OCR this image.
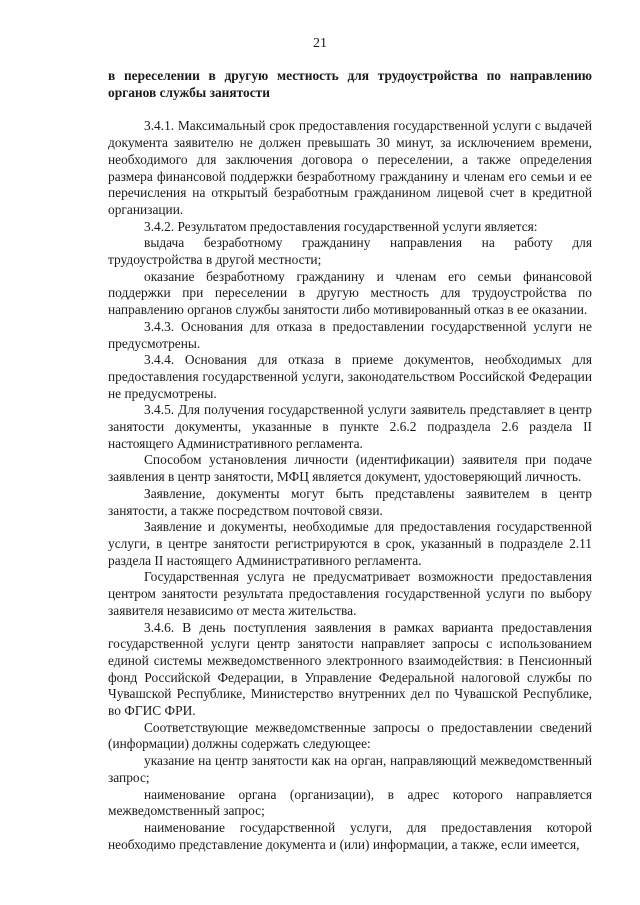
21

в переселении в другую местность для трудоустройства по направлению органов службы занятости

3.4.1. Максимальный срок предоставления государственной услуги с выдачей документа заявителю не должен превышать 30 минут, за исключением времени, необходимого для заключения договора о переселении, а также определения размера финансовой поддержки безработному гражданину и членам его семьи и ее перечисления на открытый безработным гражданином лицевой счет в кредитной организации.

3.4.2. Результатом предоставления государственной услуги является:

выдача безработному гражданину направления на работу для трудоустройства в другой местности;

оказание безработному гражданину и членам его семьи финансовой поддержки при переселении в другую местность для трудоустройства по направлению органов службы занятости либо мотивированный отказ в ее оказании.

3.4.3. Основания для отказа в предоставлении государственной услуги не предусмотрены.

3.4.4. Основания для отказа в приеме документов, необходимых для предоставления государственной услуги, законодательством Российской Федерации не предусмотрены.

3.4.5. Для получения государственной услуги заявитель представляет в центр занятости документы, указанные в пункте 2.6.2 подраздела 2.6 раздела II настоящего Административного регламента.

Способом установления личности (идентификации) заявителя при подаче заявления в центр занятости, МФЦ является документ, удостоверяющий личность.

Заявление, документы могут быть представлены заявителем в центр занятости, а также посредством почтовой связи.

Заявление и документы, необходимые для предоставления государственной услуги, в центре занятости регистрируются в срок, указанный в подразделе 2.11 раздела II настоящего Административного регламента.

Государственная услуга не предусматривает возможности предоставления центром занятости результата предоставления государственной услуги по выбору заявителя независимо от места жительства.

3.4.6. В день поступления заявления в рамках варианта предоставления государственной услуги центр занятости направляет запросы с использованием единой системы межведомственного электронного взаимодействия: в Пенсионный фонд Российской Федерации, в Управление Федеральной налоговой службы по Чувашской Республике, Министерство внутренних дел по Чувашской Республике, во ФГИС ФРИ.

Соответствующие межведомственные запросы о предоставлении сведений (информации) должны содержать следующее:

указание на центр занятости как на орган, направляющий межведомственный запрос;

наименование органа (организации), в адрес которого направляется межведомственный запрос;

наименование государственной услуги, для предоставления которой необходимо представление документа и (или) информации, а также, если имеется,
